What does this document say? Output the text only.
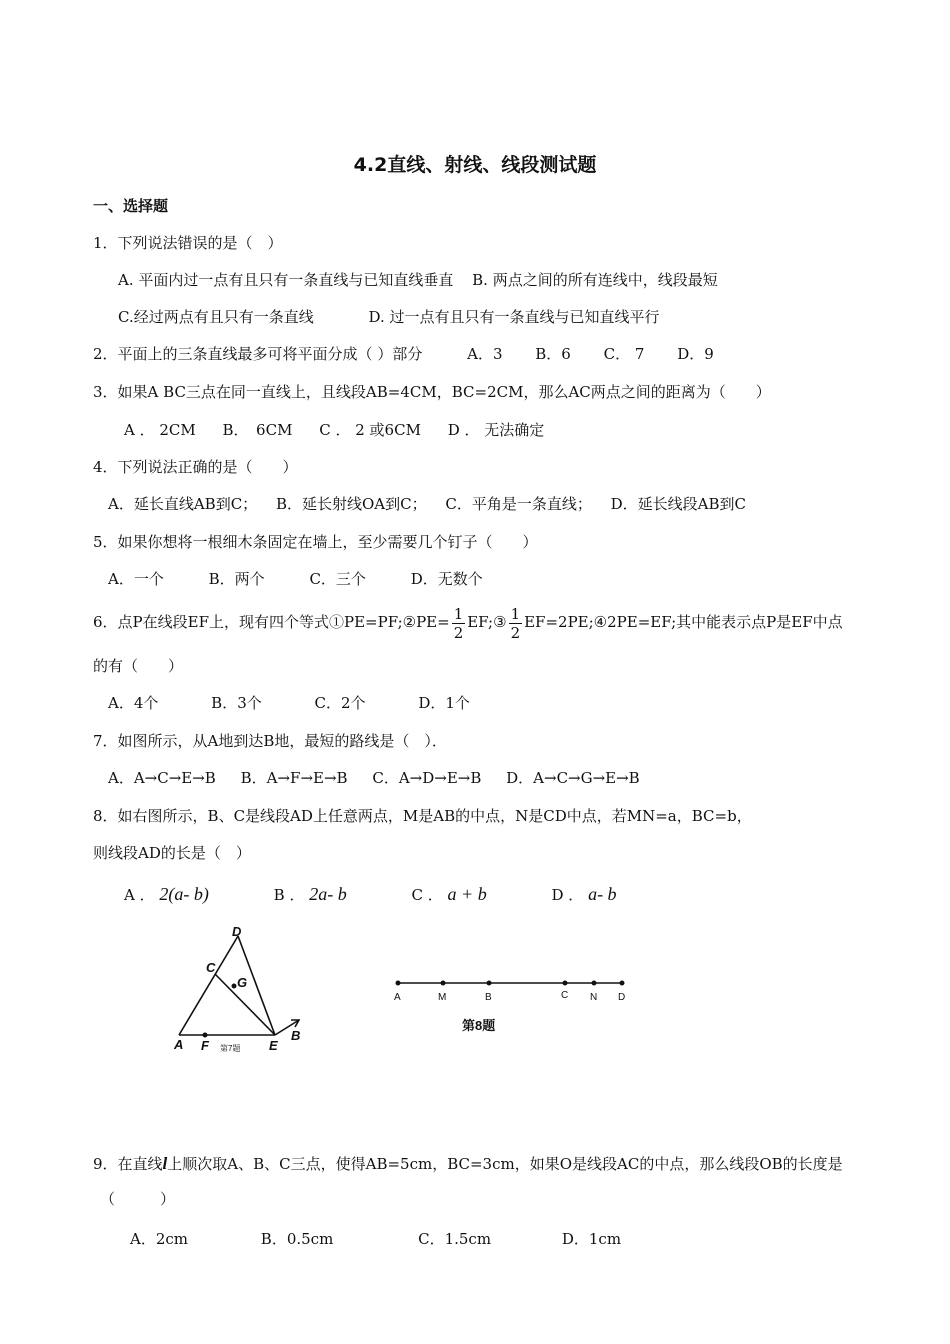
4.2直线、射线、线段测试题
一、选择题
1．下列说法错误的是（　）
A. 平面内过一点有且只有一条直线与已知直线垂直 B. 两点之间的所有连线中，线段最短
C.经过两点有且只有一条直线	D. 过一点有且只有一条直线与已知直线平行
2．平面上的三条直线最多可将平面分成（ ）部分	A．3 B．6 C． 7 D．9
3．如果A BC三点在同一直线上，且线段AB=4CM，BC=2CM，那么AC两点之间的距离为（　　）
A ． 2CM B．　6CM C ． 2 或6CM D ． 无法确定
4．下列说法正确的是（　　）
A．延长直线AB到C； B．延长射线OA到C； C．平角是一条直线； D．延长线段AB到C
5．如果你想将一根细木条固定在墙上，至少需要几个钉子（　　）
A．一个	B．两个	C．三个	D．无数个
6．点P在线段EF上，现有四个等式①PE=PF;②PE= $\frac{1}{2}$ EF;③ $\frac{1}{2}$ EF=2PE;④2PE=EF;其中能表示点P是EF中点
的有（　　）
A．4个	B．3个	C．2个	D．1个
7．如图所示，从A地到达B地，最短的路线是（　）．
A．A→C→E→B B．A→F→E→B C．A→D→E→B D．A→C→G→E→B
8．如右图所示，B、C是线段AD上任意两点，M是AB的中点，N是CD中点，若MN=a，BC=b，
则线段AD的长是（　）
A ． 2(a- b)	B ． 2a- b	C ． a + b	D ． a- b
D
C
G
A F	E
B
第7题
A	M	B	C N D
第8题
9．在直线l上顺次取A、B、C三点，使得AB=5cm，BC=3cm，如果O是线段AC的中点，那么线段OB的长度是
（　　　）
A．2cm	B．0.5cm	C．1.5cm	D．1cm
